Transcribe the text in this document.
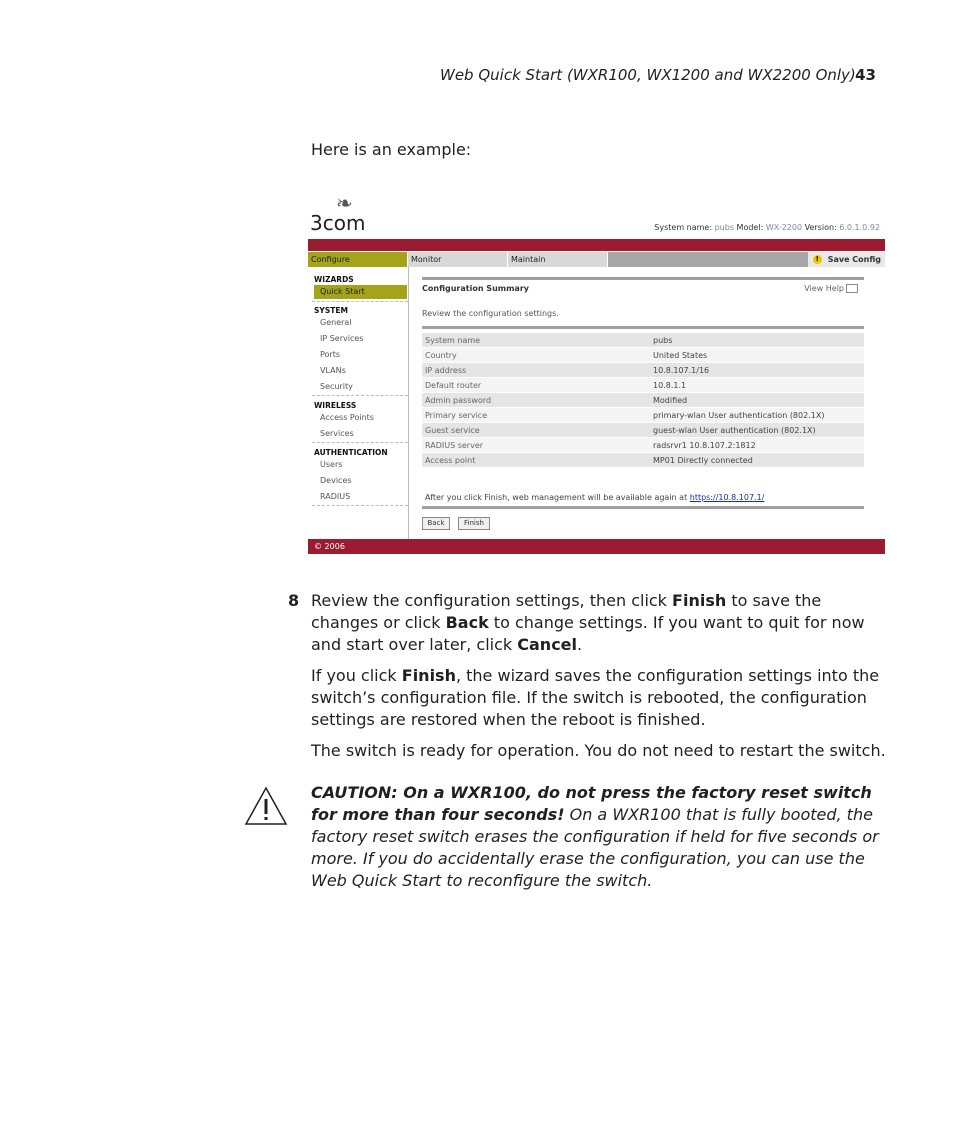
Web Quick Start (WXR100, WX1200 and WX2200 Only) 43
Here is an example:
❧
3com	System name: pubs Model: WX-2200 Version: 6.0.1.0.92
Configure	Monitor	Maintain	!	Save Config
WIZARDS
Quick Start
SYSTEM
General
IP Services
Ports
VLANs
Security
WIRELESS
Access Points
Services
AUTHENTICATION
Users
Devices
RADIUS
Configuration Summary	View Help
Review the configuration settings.
System name	pubs
Country	United States
IP address	10.8.107.1/16
Default router	10.8.1.1
Admin password	Modified
Primary service	primary-wlan User authentication (802.1X)
Guest service	guest-wlan User authentication (802.1X)
RADIUS server	radsrvr1 10.8.107.2:1812
Access point	MP01 Directly connected
After you click Finish, web management will be available again at https://10.8.107.1/
Back	Finish
© 2006
8 Review the configuration settings, then click Finish to save the changes or click Back to change settings. If you want to quit for now and start over later, click Cancel.
If you click Finish, the wizard saves the configuration settings into the switch’s configuration file. If the switch is rebooted, the configuration settings are restored when the reboot is finished.
The switch is ready for operation. You do not need to restart the switch.
CAUTION: On a WXR100, do not press the factory reset switch for more than four seconds! On a WXR100 that is fully booted, the factory reset switch erases the configuration if held for five seconds or more. If you do accidentally erase the configuration, you can use the Web Quick Start to reconfigure the switch.
